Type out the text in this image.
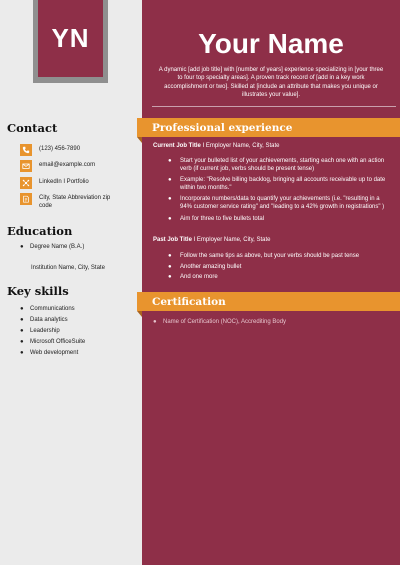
YN	Your Name
A dynamic [add job title] with [number of years] experience specializing in [your three to four top specialty areas]. A proven track record of [add in a key work accomplishment or two]. Skilled at [include an attribute that makes you unique or illustrates your value].
Contact
(123) 456-7890
email@example.com
LinkedIn I Portfolio
City, State Abbreviation zip code
Education
●	Degree Name (B.A.)
Institution Name, City, State
Key skills
●	Communications
●	Data analytics
●	Leadership
●	Microsoft OfficeSuite
●	Web development
Professional experience
Current Job Title I Employer Name, City, State
●	Start your bulleted list of your achievements, starting each one with an action verb (if current job, verbs should be present tense)
●	Example: "Resolve billing backlog, bringing all accounts receivable up to date within two months."
●	Incorporate numbers/data to quantify your achievements (i.e. "resulting in a 94% customer service rating" and "leading to a 42% growth in registrations" )
●	Aim for three to five bullets total
Past Job Title I Employer Name, City, State
●	Follow the same tips as above, but your verbs should be past tense
●	Another amazing bullet
●	And one more
Certification
●	Name of Certification (NOC), Accrediting Body
